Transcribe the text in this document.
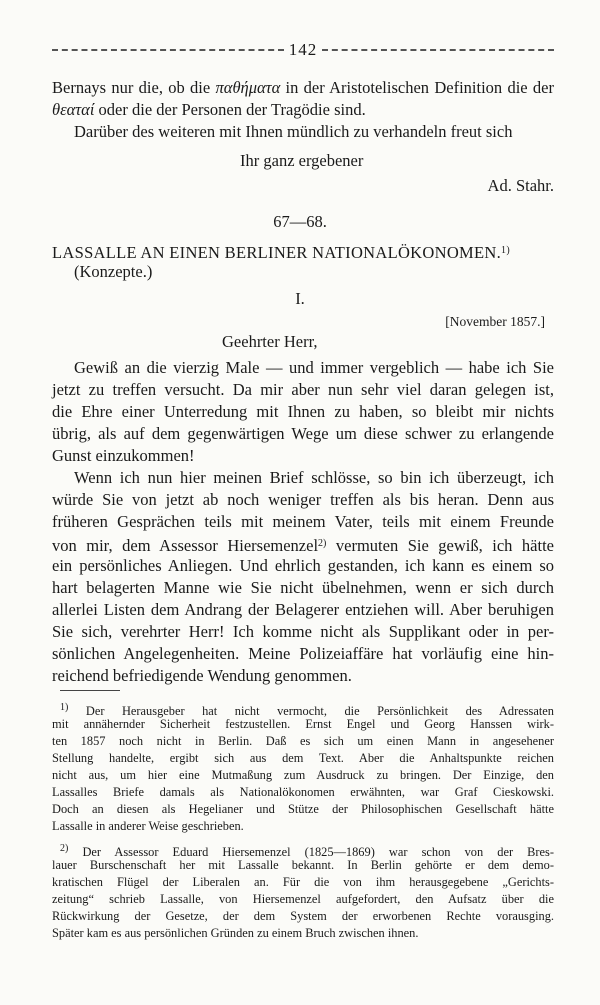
142
Bernays nur die, ob die παθήματα in der Aristotelischen Definition die der
θεαταί oder die der Personen der Tragödie sind.
Darüber des weiteren mit Ihnen mündlich zu verhandeln freut sich
Ihr ganz ergebener
Ad. Stahr.
67—68.
LASSALLE AN EINEN BERLINER NATIONALÖKONOMEN.$^{1)}$
(Konzepte.)
I.
[November 1857.]
Geehrter Herr,
Gewiß an die vierzig Male — und immer vergeblich — habe ich Sie
jetzt zu treffen versucht. Da mir aber nun sehr viel daran gelegen ist,
die Ehre einer Unterredung mit Ihnen zu haben, so bleibt mir nichts
übrig, als auf dem gegenwärtigen Wege um diese schwer zu erlangende
Gunst einzukommen!
Wenn ich nun hier meinen Brief schlösse, so bin ich überzeugt, ich
würde Sie von jetzt ab noch weniger treffen als bis heran. Denn aus
früheren Gesprächen teils mit meinem Vater, teils mit einem Freunde
von mir, dem Assessor Hiersemenzel$^{2)}$ vermuten Sie gewiß, ich hätte
ein persönliches Anliegen. Und ehrlich gestanden, ich kann es einem so
hart belagerten Manne wie Sie nicht übelnehmen, wenn er sich durch
allerlei Listen dem Andrang der Belagerer entziehen will. Aber beruhigen
Sie sich, verehrter Herr! Ich komme nicht als Supplikant oder in per-
sönlichen Angelegenheiten. Meine Polizeiaffäre hat vorläufig eine hin-
reichend befriedigende Wendung genommen.
$^{1)}$ Der Herausgeber hat nicht vermocht, die Persönlichkeit des Adressaten
mit annähernder Sicherheit festzustellen. Ernst Engel und Georg Hanssen wirk-
ten 1857 noch nicht in Berlin. Daß es sich um einen Mann in angesehener
Stellung handelte, ergibt sich aus dem Text. Aber die Anhaltspunkte reichen
nicht aus, um hier eine Mutmaßung zum Ausdruck zu bringen. Der Einzige, den
Lassalles Briefe damals als Nationalökonomen erwähnten, war Graf Cieskowski.
Doch an diesen als Hegelianer und Stütze der Philosophischen Gesellschaft hätte
Lassalle in anderer Weise geschrieben.
$^{2)}$ Der Assessor Eduard Hiersemenzel (1825—1869) war schon von der Bres-
lauer Burschenschaft her mit Lassalle bekannt. In Berlin gehörte er dem demo-
kratischen Flügel der Liberalen an. Für die von ihm herausgegebene „Gerichts-
zeitung“ schrieb Lassalle, von Hiersemenzel aufgefordert, den Aufsatz über die
Rückwirkung der Gesetze, der dem System der erworbenen Rechte vorausging.
Später kam es aus persönlichen Gründen zu einem Bruch zwischen ihnen.
